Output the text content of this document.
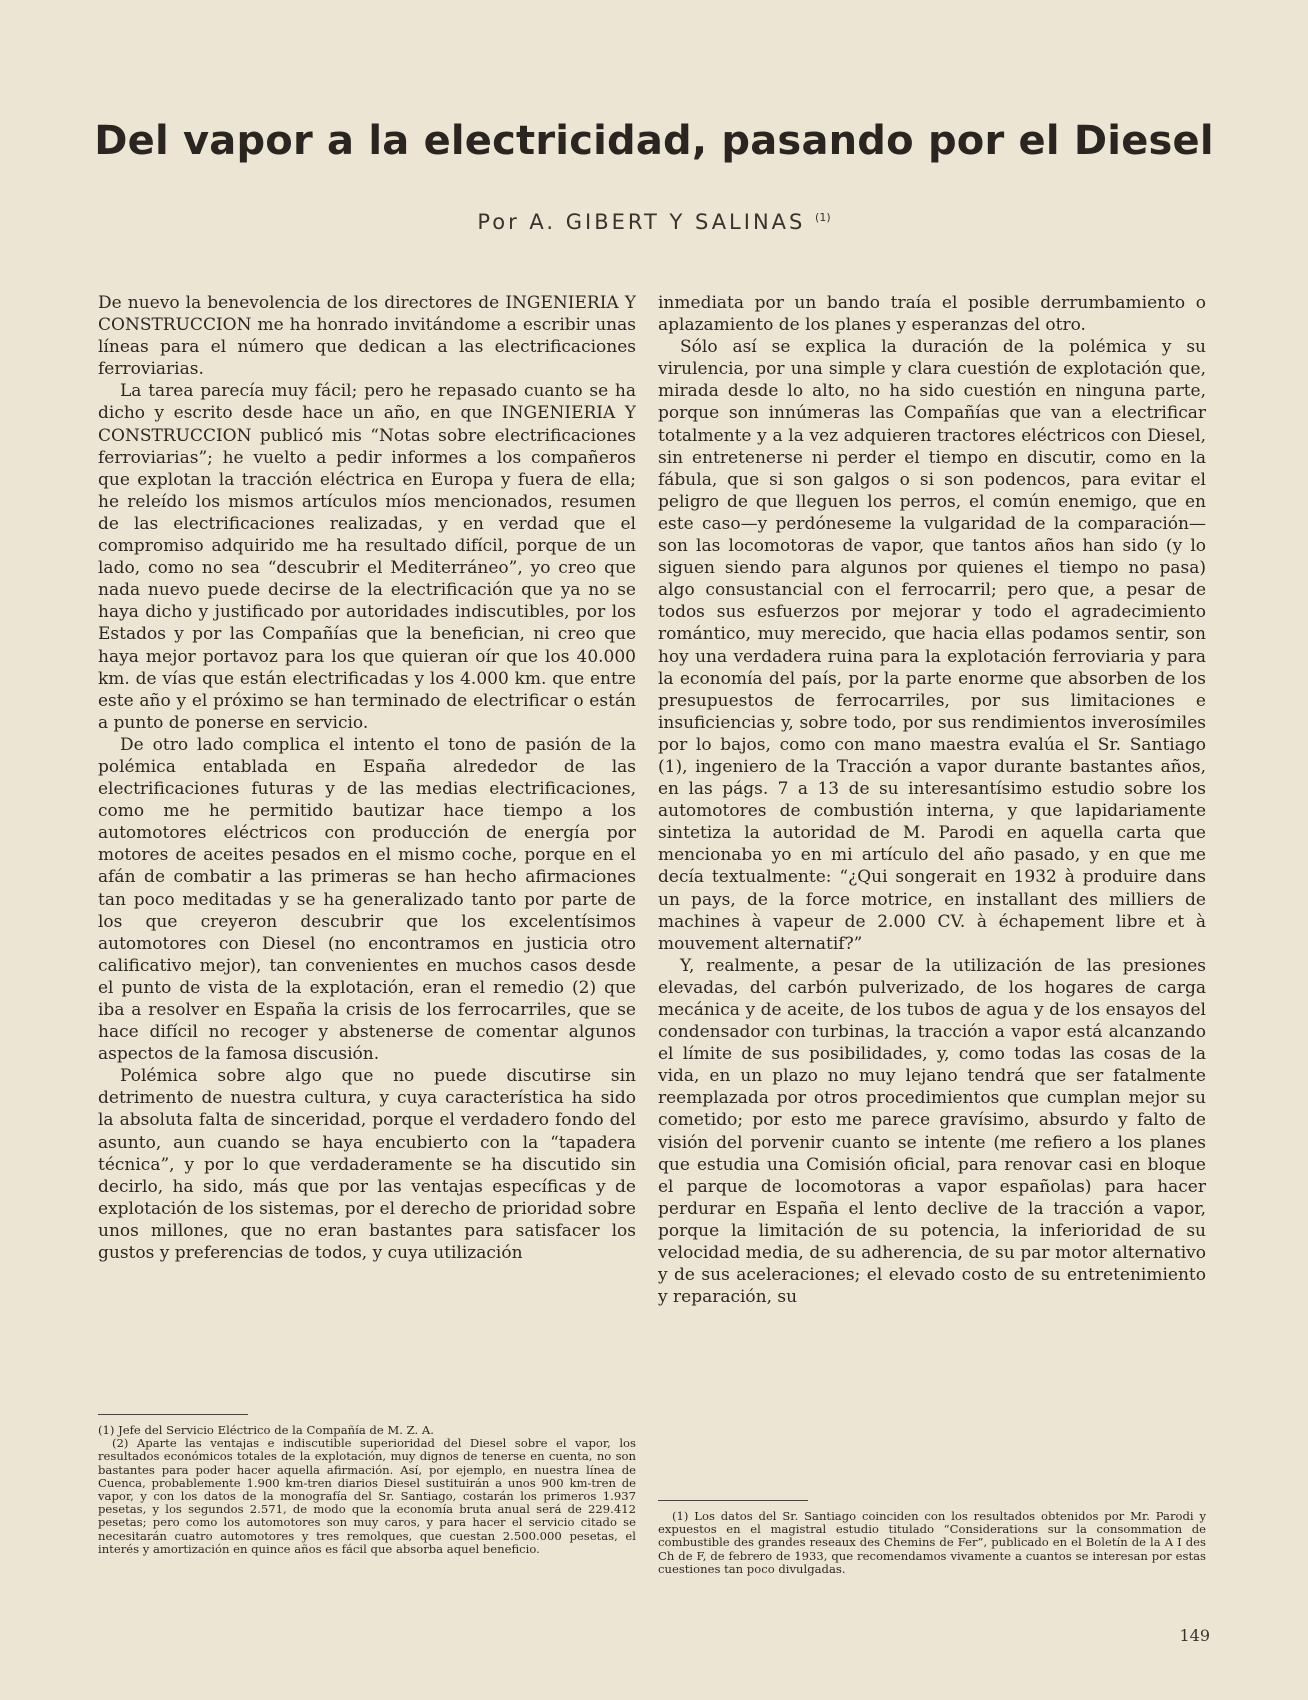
Del vapor a la electricidad, pasando por el Diesel
Por A. GIBERT Y SALINAS $^{(1)}$

De nuevo la benevolencia de los directores de INGENIERIA Y CONSTRUCCION me ha honrado invitándome a escribir unas líneas para el número que dedican a las electrificaciones ferroviarias.

La tarea parecía muy fácil; pero he repasado cuanto se ha dicho y escrito desde hace un año, en que INGENIERIA Y CONSTRUCCION publicó mis “Notas sobre electrificaciones ferroviarias”; he vuelto a pedir informes a los compañeros que explotan la tracción eléctrica en Europa y fuera de ella; he releído los mismos artículos míos mencionados, resumen de las electrificaciones realizadas, y en verdad que el compromiso adquirido me ha resultado difícil, porque de un lado, como no sea “descubrir el Mediterráneo”, yo creo que nada nuevo puede decirse de la electrificación que ya no se haya dicho y justificado por autoridades indiscutibles, por los Estados y por las Compañías que la benefician, ni creo que haya mejor portavoz para los que quieran oír que los 40.000 km. de vías que están electrificadas y los 4.000 km. que entre este año y el próximo se han terminado de electrificar o están a punto de ponerse en servicio.

De otro lado complica el intento el tono de pasión de la polémica entablada en España alrededor de las electrificaciones futuras y de las medias electrificaciones, como me he permitido bautizar hace tiempo a los automotores eléctricos con producción de energía por motores de aceites pesados en el mismo coche, porque en el afán de combatir a las primeras se han hecho afirmaciones tan poco meditadas y se ha generalizado tanto por parte de los que creyeron descubrir que los excelentísimos automotores con Diesel (no encontramos en justicia otro calificativo mejor), tan convenientes en muchos casos desde el punto de vista de la explotación, eran el remedio (2) que iba a resolver en España la crisis de los ferrocarriles, que se hace difícil no recoger y abstenerse de comentar algunos aspectos de la famosa discusión.

Polémica sobre algo que no puede discutirse sin detrimento de nuestra cultura, y cuya característica ha sido la absoluta falta de sinceridad, porque el verdadero fondo del asunto, aun cuando se haya encubierto con la “tapadera técnica”, y por lo que verdaderamente se ha discutido sin decirlo, ha sido, más que por las ventajas específicas y de explotación de los sistemas, por el derecho de prioridad sobre unos millones, que no eran bastantes para satisfacer los gustos y preferencias de todos, y cuya utilización

inmediata por un bando traía el posible derrumbamiento o aplazamiento de los planes y esperanzas del otro.

Sólo así se explica la duración de la polémica y su virulencia, por una simple y clara cuestión de explotación que, mirada desde lo alto, no ha sido cuestión en ninguna parte, porque son innúmeras las Compañías que van a electrificar totalmente y a la vez adquieren tractores eléctricos con Diesel, sin entretenerse ni perder el tiempo en discutir, como en la fábula, que si son galgos o si son podencos, para evitar el peligro de que lleguen los perros, el común enemigo, que en este caso—y perdóneseme la vulgaridad de la comparación—son las locomotoras de vapor, que tantos años han sido (y lo siguen siendo para algunos por quienes el tiempo no pasa) algo consustancial con el ferrocarril; pero que, a pesar de todos sus esfuerzos por mejorar y todo el agradecimiento romántico, muy merecido, que hacia ellas podamos sentir, son hoy una verdadera ruina para la explotación ferroviaria y para la economía del país, por la parte enorme que absorben de los presupuestos de ferrocarriles, por sus limitaciones e insuficiencias y, sobre todo, por sus rendimientos inverosímiles por lo bajos, como con mano maestra evalúa el Sr. Santiago (1), ingeniero de la Tracción a vapor durante bastantes años, en las págs. 7 a 13 de su interesantísimo estudio sobre los automotores de combustión interna, y que lapidariamente sintetiza la autoridad de M. Parodi en aquella carta que mencionaba yo en mi artículo del año pasado, y en que me decía textualmente: “¿Qui songerait en 1932 à produire dans un pays, de la force motrice, en installant des milliers de machines à vapeur de 2.000 CV. à échapement libre et à mouvement alternatif?”

Y, realmente, a pesar de la utilización de las presiones elevadas, del carbón pulverizado, de los hogares de carga mecánica y de aceite, de los tubos de agua y de los ensayos del condensador con turbinas, la tracción a vapor está alcanzando el límite de sus posibilidades, y, como todas las cosas de la vida, en un plazo no muy lejano tendrá que ser fatalmente reemplazada por otros procedimientos que cumplan mejor su cometido; por esto me parece gravísimo, absurdo y falto de visión del porvenir cuanto se intente (me refiero a los planes que estudia una Comisión oficial, para renovar casi en bloque el parque de locomotoras a vapor españolas) para hacer perdurar en España el lento declive de la tracción a vapor, porque la limitación de su potencia, la inferioridad de su velocidad media, de su adherencia, de su par motor alternativo y de sus aceleraciones; el elevado costo de su entretenimiento y reparación, su

(1) Jefe del Servicio Eléctrico de la Compañía de M. Z. A.

(2) Aparte las ventajas e indiscutible superioridad del Diesel sobre el vapor, los resultados económicos totales de la explotación, muy dignos de tenerse en cuenta, no son bastantes para poder hacer aquella afirmación. Así, por ejemplo, en nuestra línea de Cuenca, probablemente 1.900 km-tren diarios Diesel sustituirán a unos 900 km-tren de vapor, y con los datos de la monografía del Sr. Santiago, costarán los primeros 1.937 pesetas, y los segundos 2.571, de modo que la economía bruta anual será de 229.412 pesetas; pero como los automotores son muy caros, y para hacer el servicio citado se necesitarán cuatro automotores y tres remolques, que cuestan 2.500.000 pesetas, el interés y amortización en quince años es fácil que absorba aquel beneficio.

(1) Los datos del Sr. Santiago coinciden con los resultados obtenidos por Mr. Parodi y expuestos en el magistral estudio titulado “Considerations sur la consommation de combustible des grandes reseaux des Chemins de Fer”, publicado en el Boletín de la A I des Ch de F, de febrero de 1933, que recomendamos vivamente a cuantos se interesan por estas cuestiones tan poco divulgadas.

149
